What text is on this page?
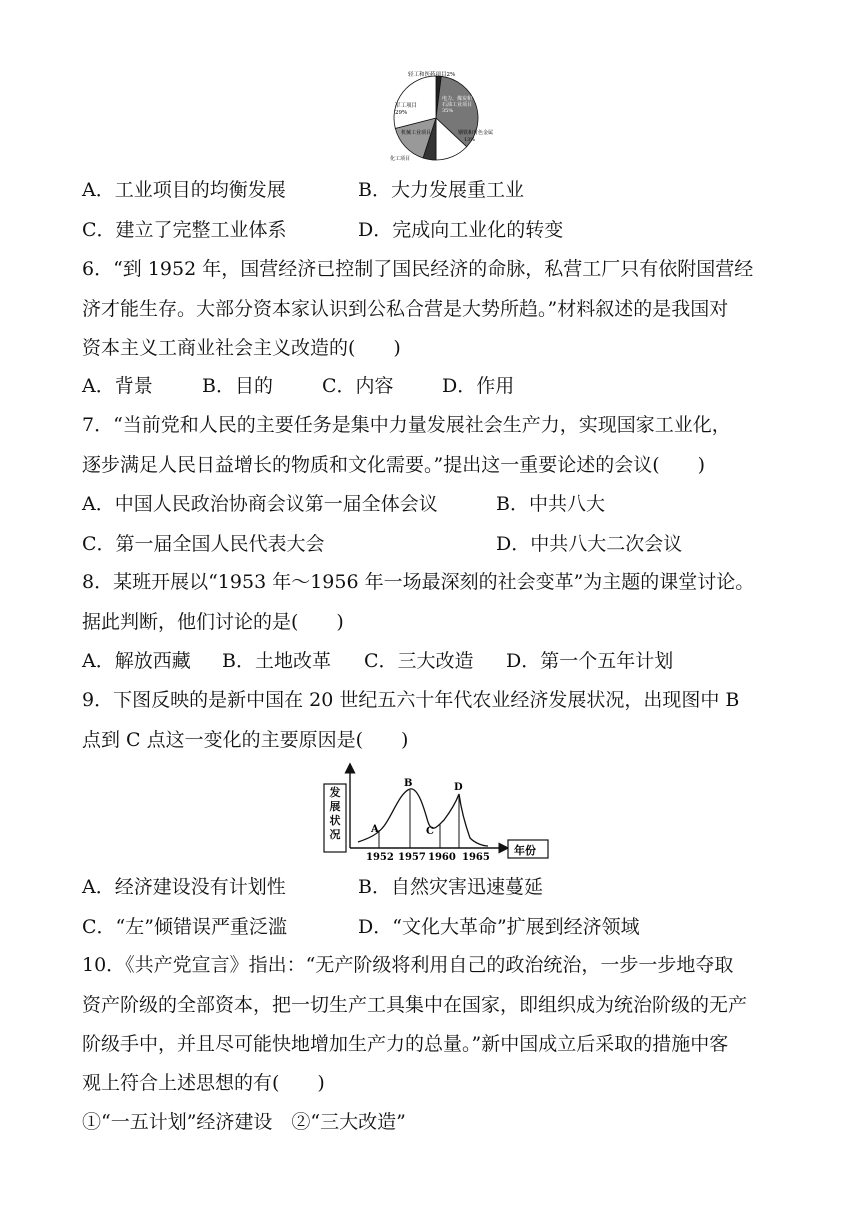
轻工和医药项目2%
军工项目
29%
电力、煤炭和石油工业项目35%
钢铁和有色金属
13%
机械工业项目
化工项目
A．工业项目的均衡发展	B．大力发展重工业
C．建立了完整工业体系	D．完成向工业化的转变
6．“到 1952 年，国营经济已控制了国民经济的命脉，私营工厂只有依附国营经
济才能生存。大部分资本家认识到公私合营是大势所趋。”材料叙述的是我国对
资本主义工商业社会主义改造的(　　)
A．背景	B．目的	C．内容	D．作用
7．“当前党和人民的主要任务是集中力量发展社会生产力，实现国家工业化，
逐步满足人民日益增长的物质和文化需要。”提出这一重要论述的会议(　　)
A．中国人民政治协商会议第一届全体会议	B．中共八大
C．第一届全国人民代表大会	D．中共八大二次会议
8．某班开展以“1953 年～1956 年一场最深刻的社会变革”为主题的课堂讨论。
据此判断，他们讨论的是(　　)
A．解放西藏 B．土地改革 C．三大改造 D．第一个五年计划
9．下图反映的是新中国在 20 世纪五六十年代农业经济发展状况，出现图中 B
点到 C 点这一变化的主要原因是(　　)
发展状况
年份
A
B
C
D
1952 1957 1960 1965
A．经济建设没有计划性	B．自然灾害迅速蔓延
C．“左”倾错误严重泛滥	D．“文化大革命”扩展到经济领域
10．《共产党宣言》指出：“无产阶级将利用自己的政治统治，一步一步地夺取
资产阶级的全部资本，把一切生产工具集中在国家，即组织成为统治阶级的无产
阶级手中，并且尽可能快地增加生产力的总量。”新中国成立后采取的措施中客
观上符合上述思想的有(　　)
①“一五计划”经济建设　②“三大改造”
